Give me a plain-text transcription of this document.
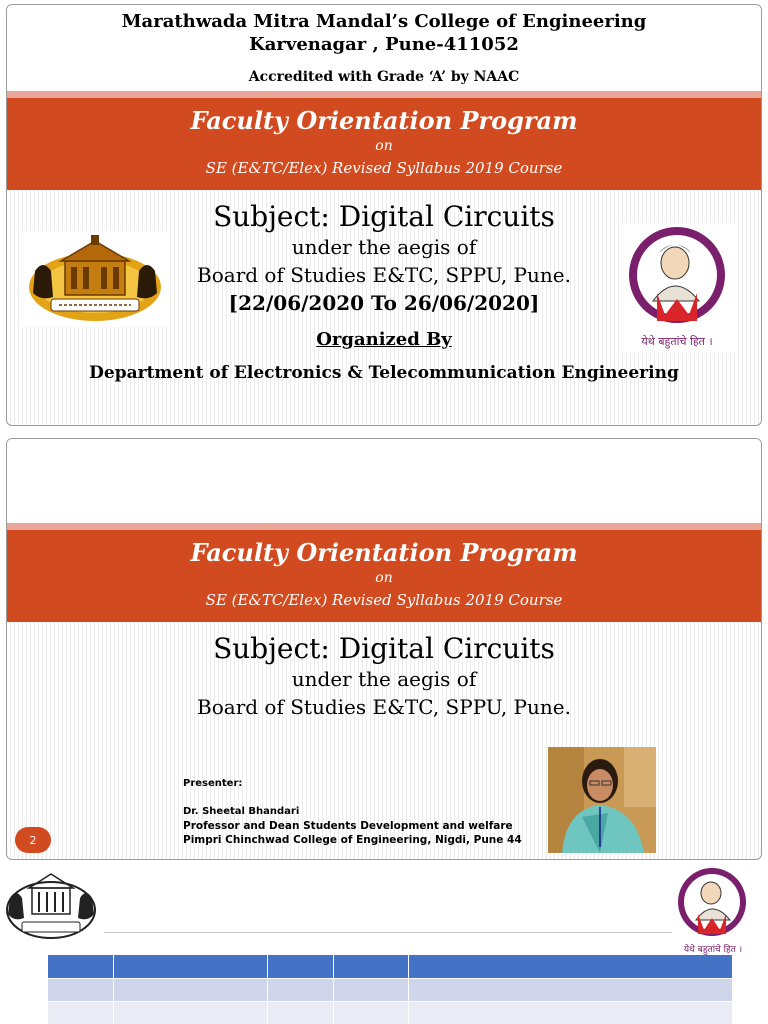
Marathwada Mitra Mandal’s College of Engineering
Karvenagar , Pune-411052
Accredited with Grade ‘A’ by NAAC
Faculty Orientation Program
on
SE (E&TC/Elex) Revised Syllabus 2019 Course
Subject: Digital Circuits
under the aegis of
Board of Studies E&TC, SPPU, Pune.
[22/06/2020 To 26/06/2020]
Organized By
Department of Electronics & Telecommunication Engineering
येथे बहुतांचे हित ।
Faculty Orientation Program
on
SE (E&TC/Elex) Revised Syllabus 2019 Course
Subject: Digital Circuits
under the aegis of
Board of Studies E&TC, SPPU, Pune.
Presenter:
Dr. Sheetal Bhandari
Professor and Dean Students Development and welfare
Pimpri Chinchwad College of Engineering, Nigdi, Pune 44
2
येथे बहुतांचे हित ।
